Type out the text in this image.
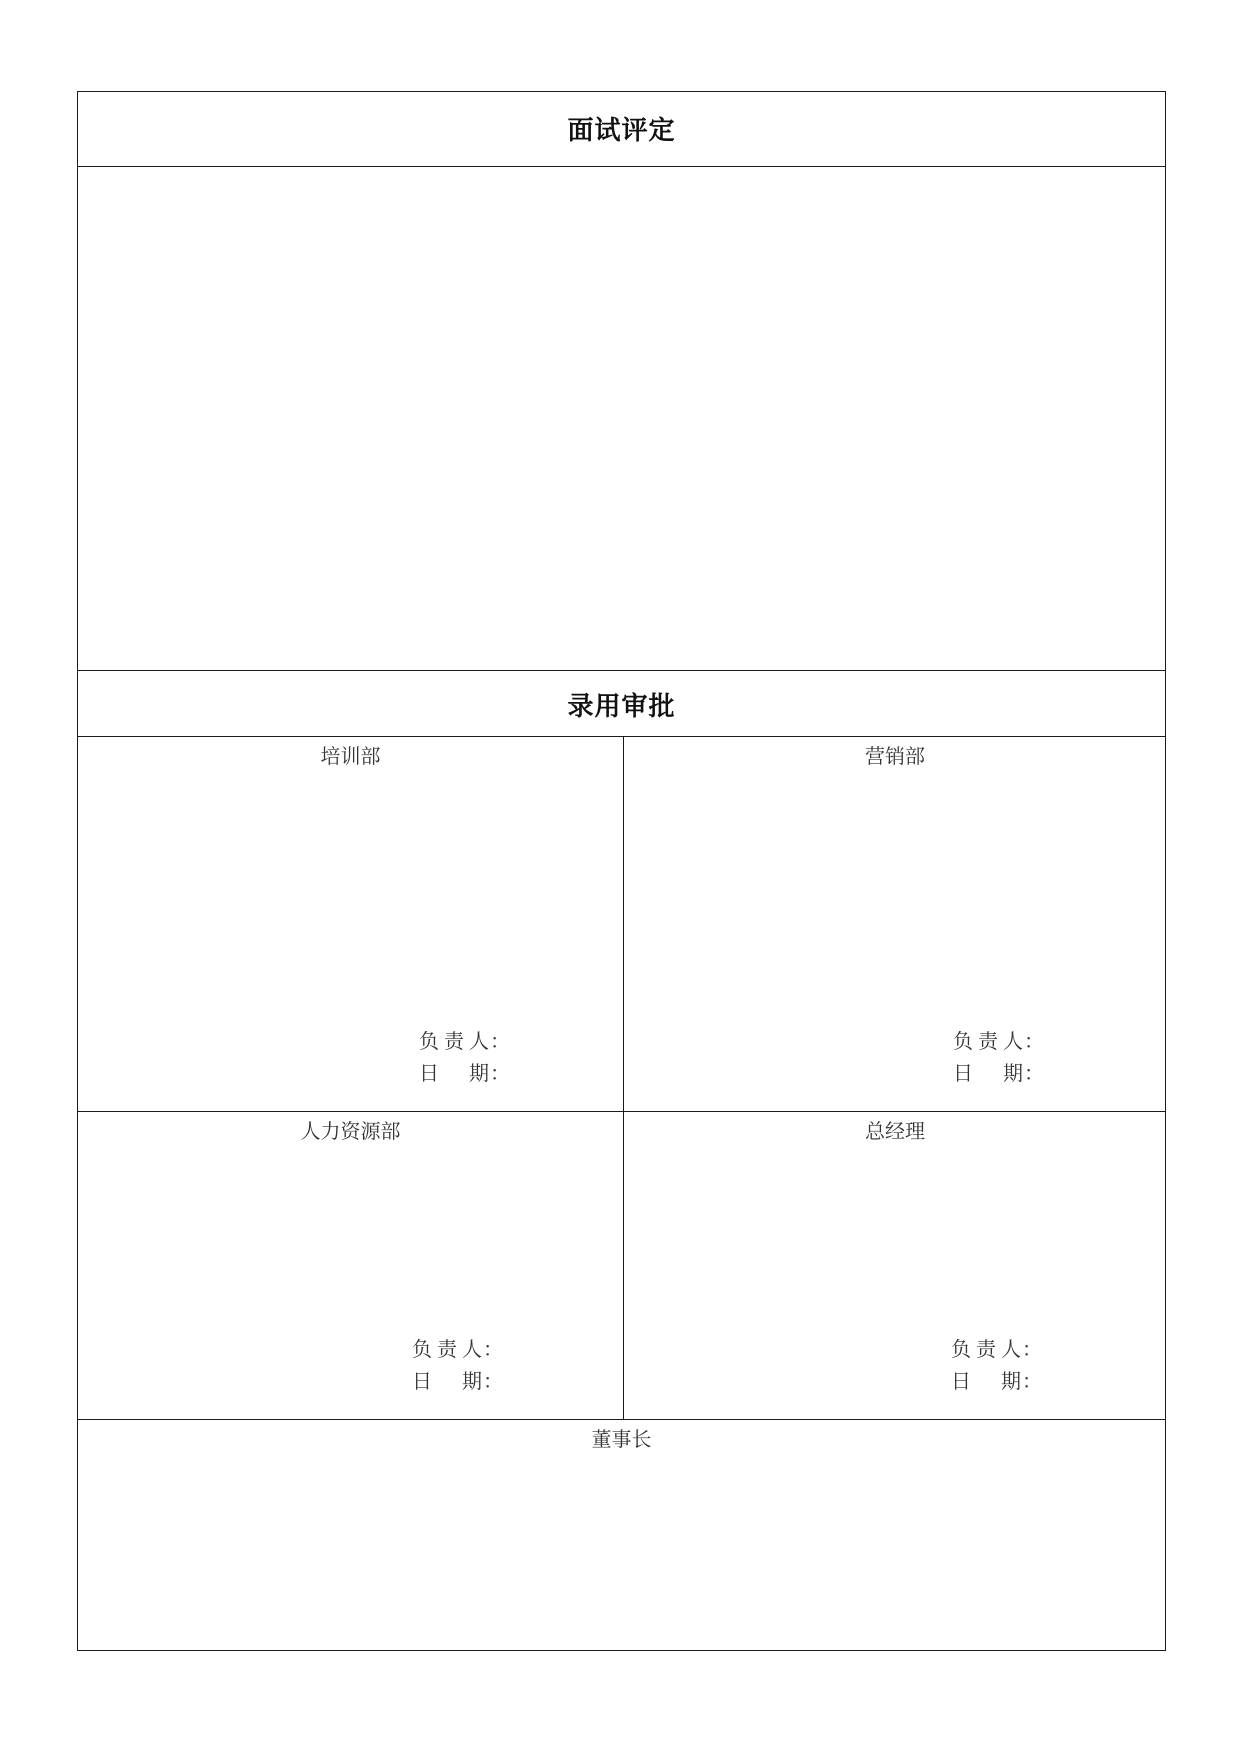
面试评定
录用审批
培训部
负责人 ：
日　期 ：
营销部
负责人 ：
日　期 ：
人力资源部
负责人 ：
日　期 ：
总经理
负责人 ：
日　期 ：
董事长
